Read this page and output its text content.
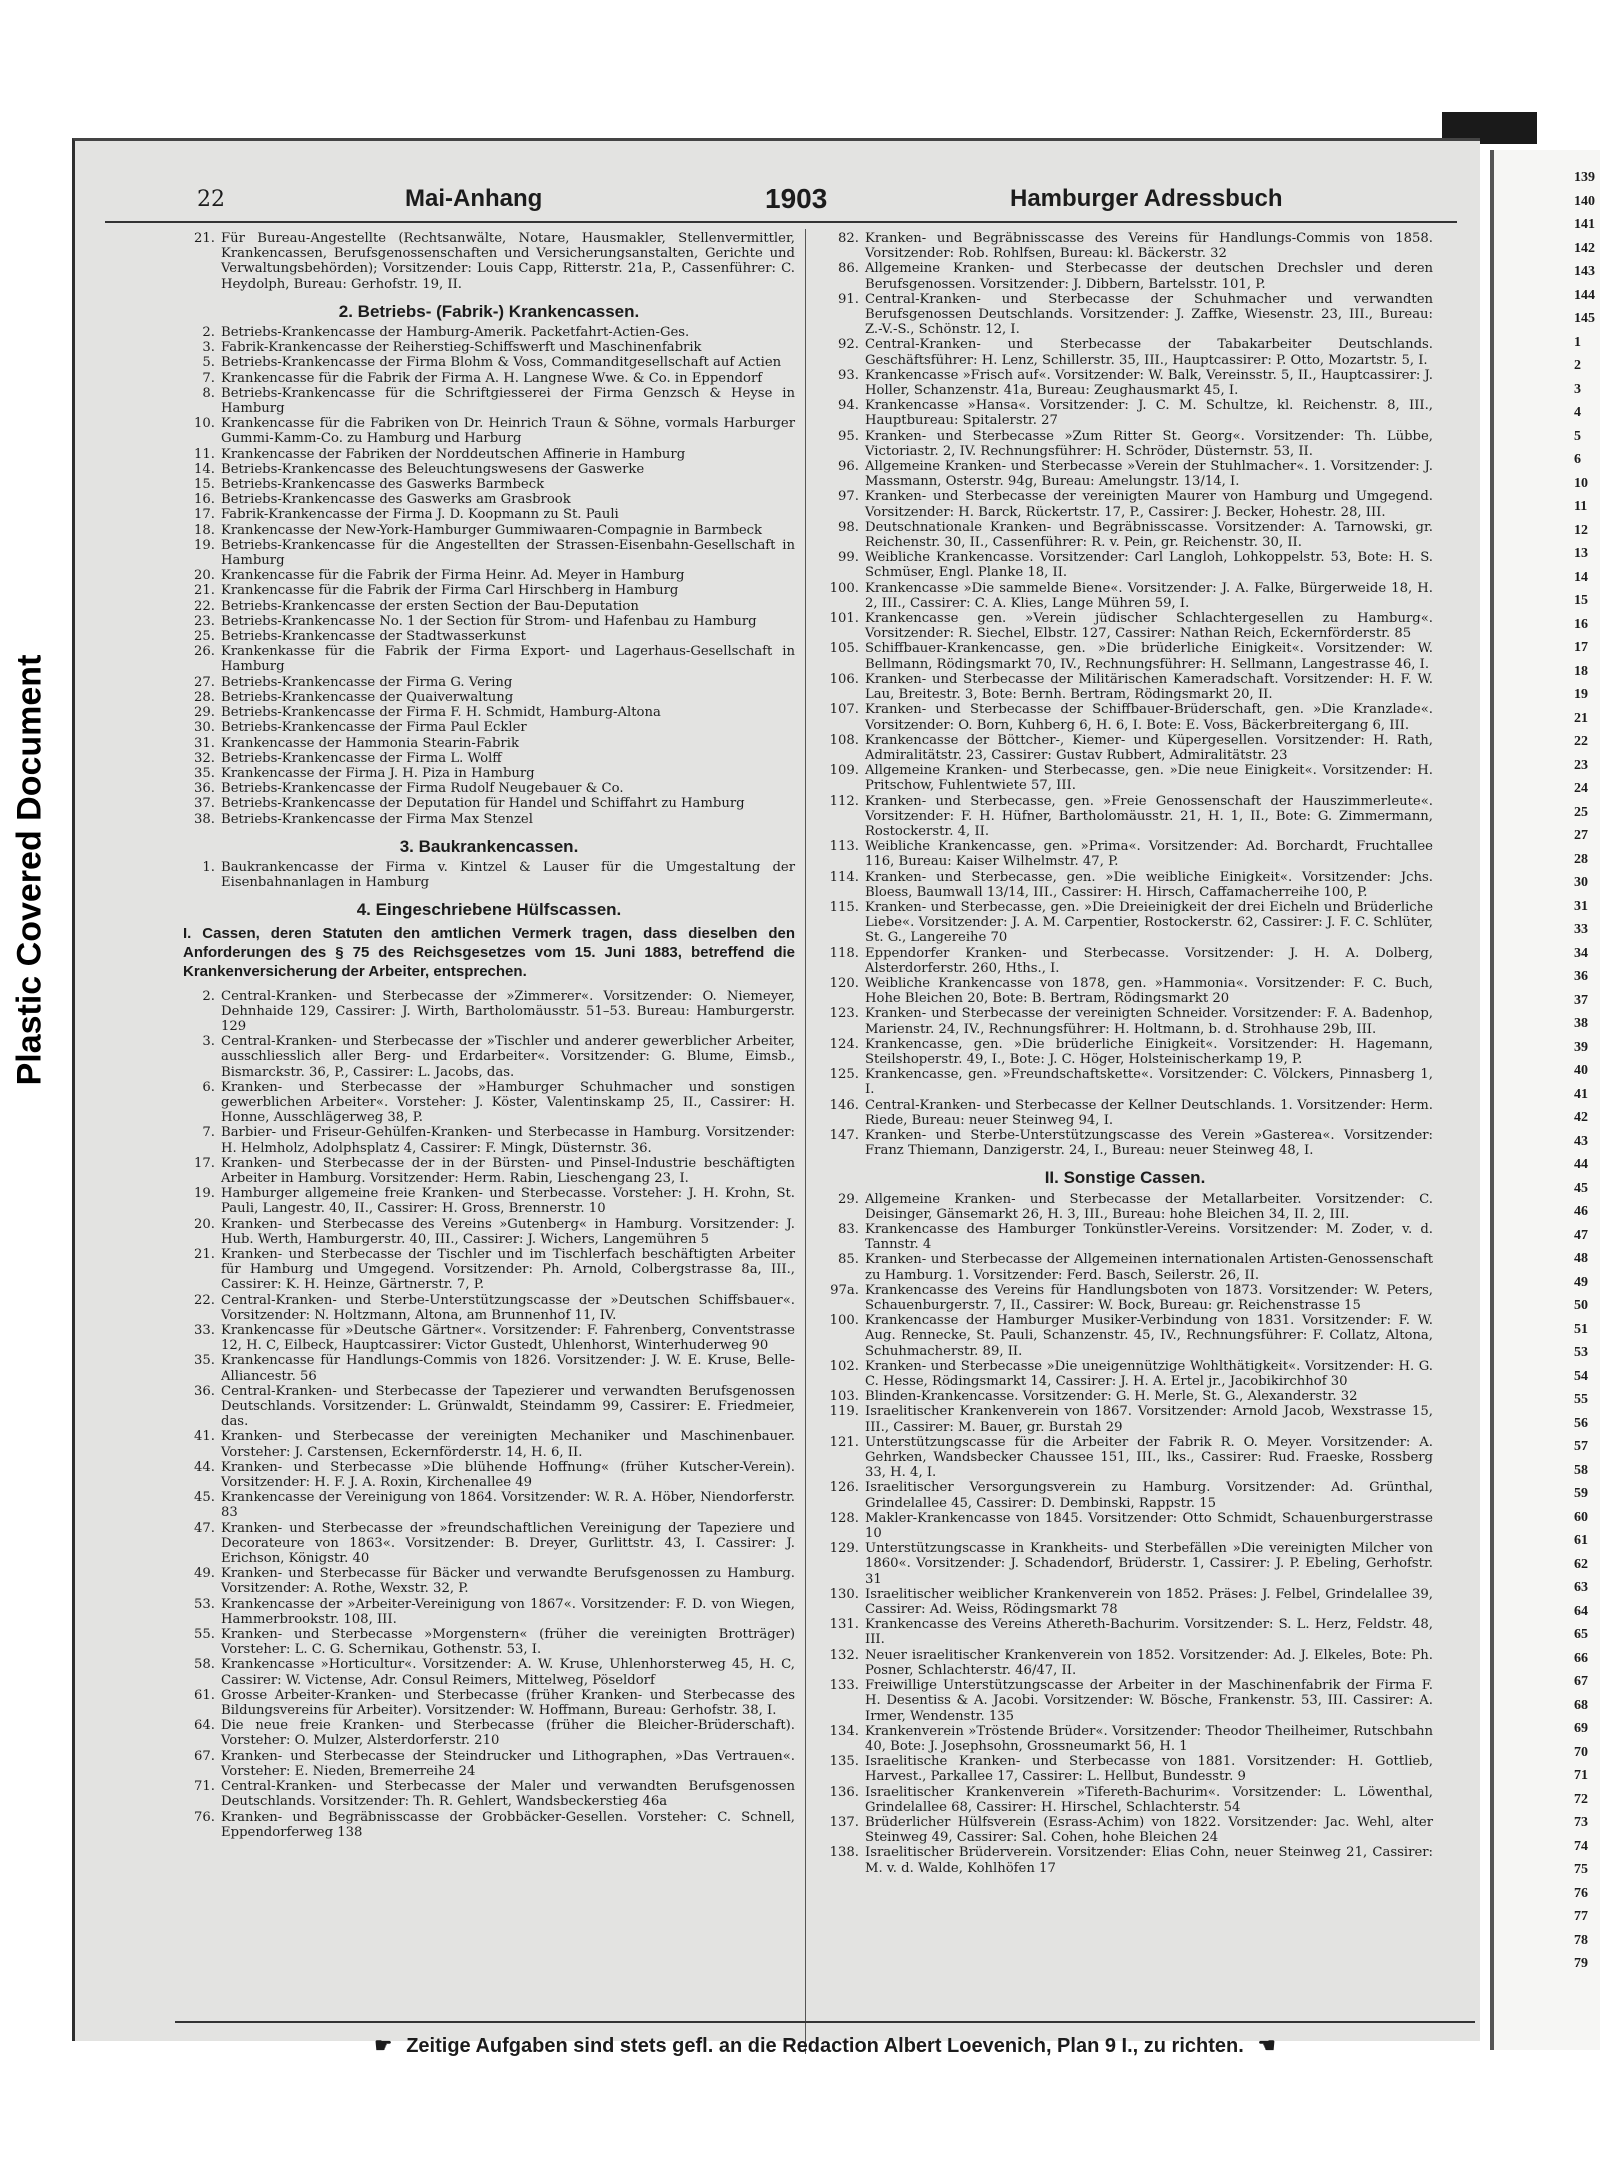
Plastic Covered Document
139
140
141
142
143
144
145
1
2
3
4
5
6
10
11
12
13
14
15
16
17
18
19
21
22
23
24
25
27
28
30
31
33
34
36
37
38
39
40
41
42
43
44
45
46
47
48
49
50
51
53
54
55
56
57
58
59
60
61
62
63
64
65
66
67
68
69
70
71
72
73
74
75
76
77
78
79
22	Mai-Anhang	1903	Hamburger Adressbuch
21. Für Bureau-Angestellte (Rechtsanwälte, Notare, Hausmakler, Stellenvermittler, Krankencassen, Berufsgenossenschaften und Versicherungsanstalten, Gerichte und Verwaltungsbehörden); Vorsitzender: Louis Capp, Ritterstr. 21a, P., Cassenführer: C. Heydolph, Bureau: Gerhofstr. 19, II.
2. Betriebs- (Fabrik-) Krankencassen.
2. Betriebs-Krankencasse der Hamburg-Amerik. Packetfahrt-Actien-Ges.
3. Fabrik-Krankencasse der Reiherstieg-Schiffswerft und Maschinenfabrik
5. Betriebs-Krankencasse der Firma Blohm & Voss, Commanditgesellschaft auf Actien
7. Krankencasse für die Fabrik der Firma A. H. Langnese Wwe. & Co. in Eppendorf
8. Betriebs-Krankencasse für die Schriftgiesserei der Firma Genzsch & Heyse in Hamburg
10. Krankencasse für die Fabriken von Dr. Heinrich Traun & Söhne, vormals Harburger Gummi-Kamm-Co. zu Hamburg und Harburg
11. Krankencasse der Fabriken der Norddeutschen Affinerie in Hamburg
14. Betriebs-Krankencasse des Beleuchtungswesens der Gaswerke
15. Betriebs-Krankencasse des Gaswerks Barmbeck
16. Betriebs-Krankencasse des Gaswerks am Grasbrook
17. Fabrik-Krankencasse der Firma J. D. Koopmann zu St. Pauli
18. Krankencasse der New-York-Hamburger Gummiwaaren-Compagnie in Barmbeck
19. Betriebs-Krankencasse für die Angestellten der Strassen-Eisenbahn-Gesellschaft in Hamburg
20. Krankencasse für die Fabrik der Firma Heinr. Ad. Meyer in Hamburg
21. Krankencasse für die Fabrik der Firma Carl Hirschberg in Hamburg
22. Betriebs-Krankencasse der ersten Section der Bau-Deputation
23. Betriebs-Krankencasse No. 1 der Section für Strom- und Hafenbau zu Hamburg
25. Betriebs-Krankencasse der Stadtwasserkunst
26. Krankenkasse für die Fabrik der Firma Export- und Lagerhaus-Gesellschaft in Hamburg
27. Betriebs-Krankencasse der Firma G. Vering
28. Betriebs-Krankencasse der Quaiverwaltung
29. Betriebs-Krankencasse der Firma F. H. Schmidt, Hamburg-Altona
30. Betriebs-Krankencasse der Firma Paul Eckler
31. Krankencasse der Hammonia Stearin-Fabrik
32. Betriebs-Krankencasse der Firma L. Wolff
35. Krankencasse der Firma J. H. Piza in Hamburg
36. Betriebs-Krankencasse der Firma Rudolf Neugebauer & Co.
37. Betriebs-Krankencasse der Deputation für Handel und Schiffahrt zu Hamburg
38. Betriebs-Krankencasse der Firma Max Stenzel
3. Baukrankencassen.
1. Baukrankencasse der Firma v. Kintzel & Lauser für die Umgestaltung der Eisenbahnanlagen in Hamburg
4. Eingeschriebene Hülfscassen.
I. Cassen, deren Statuten den amtlichen Vermerk tragen, dass dieselben den Anforderungen des § 75 des Reichsgesetzes vom 15. Juni 1883, betreffend die Krankenversicherung der Arbeiter, entsprechen.
2. Central-Kranken- und Sterbecasse der »Zimmerer«. Vorsitzender: O. Niemeyer, Dehnhaide 129, Cassirer: J. Wirth, Bartholomäusstr. 51–53. Bureau: Hamburgerstr. 129
3. Central-Kranken- und Sterbecasse der »Tischler und anderer gewerblicher Arbeiter, ausschliesslich aller Berg- und Erdarbeiter«. Vorsitzender: G. Blume, Eimsb., Bismarckstr. 36, P., Cassirer: L. Jacobs, das.
6. Kranken- und Sterbecasse der »Hamburger Schuhmacher und sonstigen gewerblichen Arbeiter«. Vorsteher: J. Köster, Valentinskamp 25, II., Cassirer: H. Honne, Ausschlägerweg 38, P.
7. Barbier- und Friseur-Gehülfen-Kranken- und Sterbecasse in Hamburg. Vorsitzender: H. Helmholz, Adolphsplatz 4, Cassirer: F. Mingk, Düsternstr. 36.
17. Kranken- und Sterbecasse der in der Bürsten- und Pinsel-Industrie beschäftigten Arbeiter in Hamburg. Vorsitzender: Herm. Rabin, Lieschengang 23, I.
19. Hamburger allgemeine freie Kranken- und Sterbecasse. Vorsteher: J. H. Krohn, St. Pauli, Langestr. 40, II., Cassirer: H. Gross, Brennerstr. 10
20. Kranken- und Sterbecasse des Vereins »Gutenberg« in Hamburg. Vorsitzender: J. Hub. Werth, Hamburgerstr. 40, III., Cassirer: J. Wichers, Langemühren 5
21. Kranken- und Sterbecasse der Tischler und im Tischlerfach beschäftigten Arbeiter für Hamburg und Umgegend. Vorsitzender: Ph. Arnold, Colbergstrasse 8a, III., Cassirer: K. H. Heinze, Gärtnerstr. 7, P.
22. Central-Kranken- und Sterbe-Unterstützungscasse der »Deutschen Schiffsbauer«. Vorsitzender: N. Holtzmann, Altona, am Brunnenhof 11, IV.
33. Krankencasse für »Deutsche Gärtner«. Vorsitzender: F. Fahrenberg, Conventstrasse 12, H. C, Eilbeck, Hauptcassirer: Victor Gustedt, Uhlenhorst, Winterhuderweg 90
35. Krankencasse für Handlungs-Commis von 1826. Vorsitzender: J. W. E. Kruse, Belle-Alliancestr. 56
36. Central-Kranken- und Sterbecasse der Tapezierer und verwandten Berufsgenossen Deutschlands. Vorsitzender: L. Grünwaldt, Steindamm 99, Cassirer: E. Friedmeier, das.
41. Kranken- und Sterbecasse der vereinigten Mechaniker und Maschinenbauer. Vorsteher: J. Carstensen, Eckernförderstr. 14, H. 6, II.
44. Kranken- und Sterbecasse »Die blühende Hoffnung« (früher Kutscher-Verein). Vorsitzender: H. F. J. A. Roxin, Kirchenallee 49
45. Krankencasse der Vereinigung von 1864. Vorsitzender: W. R. A. Höber, Niendorferstr. 83
47. Kranken- und Sterbecasse der »freundschaftlichen Vereinigung der Tapeziere und Decorateure von 1863«. Vorsitzender: B. Dreyer, Gurlittstr. 43, I. Cassirer: J. Erichson, Königstr. 40
49. Kranken- und Sterbecasse für Bäcker und verwandte Berufsgenossen zu Hamburg. Vorsitzender: A. Rothe, Wexstr. 32, P.
53. Krankencasse der »Arbeiter-Vereinigung von 1867«. Vorsitzender: F. D. von Wiegen, Hammerbrookstr. 108, III.
55. Kranken- und Sterbecasse »Morgenstern« (früher die vereinigten Brotträger) Vorsteher: L. C. G. Schernikau, Gothenstr. 53, I.
58. Krankencasse »Horticultur«. Vorsitzender: A. W. Kruse, Uhlenhorsterweg 45, H. C, Cassirer: W. Victense, Adr. Consul Reimers, Mittelweg, Pöseldorf
61. Grosse Arbeiter-Kranken- und Sterbecasse (früher Kranken- und Sterbecasse des Bildungsvereins für Arbeiter). Vorsitzender: W. Hoffmann, Bureau: Gerhofstr. 38, I.
64. Die neue freie Kranken- und Sterbecasse (früher die Bleicher-Brüderschaft). Vorsteher: O. Mulzer, Alsterdorferstr. 210
67. Kranken- und Sterbecasse der Steindrucker und Lithographen, »Das Vertrauen«. Vorsteher: E. Nieden, Bremerreihe 24
71. Central-Kranken- und Sterbecasse der Maler und verwandten Berufsgenossen Deutschlands. Vorsitzender: Th. R. Gehlert, Wandsbeckerstieg 46a
76. Kranken- und Begräbnisscasse der Grobbäcker-Gesellen. Vorsteher: C. Schnell, Eppendorferweg 138
82. Kranken- und Begräbnisscasse des Vereins für Handlungs-Commis von 1858. Vorsitzender: Rob. Rohlfsen, Bureau: kl. Bäckerstr. 32
86. Allgemeine Kranken- und Sterbecasse der deutschen Drechsler und deren Berufsgenossen. Vorsitzender: J. Dibbern, Bartelsstr. 101, P.
91. Central-Kranken- und Sterbecasse der Schuhmacher und verwandten Berufsgenossen Deutschlands. Vorsitzender: J. Zaffke, Wiesenstr. 23, III., Bureau: Z.-V.-S., Schönstr. 12, I.
92. Central-Kranken- und Sterbecasse der Tabakarbeiter Deutschlands. Geschäftsführer: H. Lenz, Schillerstr. 35, III., Hauptcassirer: P. Otto, Mozartstr. 5, I.
93. Krankencasse »Frisch auf«. Vorsitzender: W. Balk, Vereinsstr. 5, II., Hauptcassirer: J. Holler, Schanzenstr. 41a, Bureau: Zeughausmarkt 45, I.
94. Krankencasse »Hansa«. Vorsitzender: J. C. M. Schultze, kl. Reichenstr. 8, III., Hauptbureau: Spitalerstr. 27
95. Kranken- und Sterbecasse »Zum Ritter St. Georg«. Vorsitzender: Th. Lübbe, Victoriastr. 2, IV. Rechnungsführer: H. Schröder, Düsternstr. 53, II.
96. Allgemeine Kranken- und Sterbecasse »Verein der Stuhlmacher«. 1. Vorsitzender: J. Massmann, Osterstr. 94g, Bureau: Amelungstr. 13/14, I.
97. Kranken- und Sterbecasse der vereinigten Maurer von Hamburg und Umgegend. Vorsitzender: H. Barck, Rückertstr. 17, P., Cassirer: J. Becker, Hohestr. 28, III.
98. Deutschnationale Kranken- und Begräbnisscasse. Vorsitzender: A. Tarnowski, gr. Reichenstr. 30, II., Cassenführer: R. v. Pein, gr. Reichenstr. 30, II.
99. Weibliche Krankencasse. Vorsitzender: Carl Langloh, Lohkoppelstr. 53, Bote: H. S. Schmüser, Engl. Planke 18, II.
100. Krankencasse »Die sammelde Biene«. Vorsitzender: J. A. Falke, Bürgerweide 18, H. 2, III., Cassirer: C. A. Klies, Lange Mühren 59, I.
101. Krankencasse gen. »Verein jüdischer Schlachtergesellen zu Hamburg«. Vorsitzender: R. Siechel, Elbstr. 127, Cassirer: Nathan Reich, Eckernförderstr. 85
105. Schiffbauer-Krankencasse, gen. »Die brüderliche Einigkeit«. Vorsitzender: W. Bellmann, Rödingsmarkt 70, IV., Rechnungsführer: H. Sellmann, Langestrasse 46, I.
106. Kranken- und Sterbecasse der Militärischen Kameradschaft. Vorsitzender: H. F. W. Lau, Breitestr. 3, Bote: Bernh. Bertram, Rödingsmarkt 20, II.
107. Kranken- und Sterbecasse der Schiffbauer-Brüderschaft, gen. »Die Kranzlade«. Vorsitzender: O. Born, Kuhberg 6, H. 6, I. Bote: E. Voss, Bäckerbreitergang 6, III.
108. Krankencasse der Böttcher-, Kiemer- und Küpergesellen. Vorsitzender: H. Rath, Admiralitätstr. 23, Cassirer: Gustav Rubbert, Admiralitätstr. 23
109. Allgemeine Kranken- und Sterbecasse, gen. »Die neue Einigkeit«. Vorsitzender: H. Pritschow, Fuhlentwiete 57, III.
112. Kranken- und Sterbecasse, gen. »Freie Genossenschaft der Hauszimmerleute«. Vorsitzender: F. H. Hüfner, Bartholomäusstr. 21, H. 1, II., Bote: G. Zimmermann, Rostockerstr. 4, II.
113. Weibliche Krankencasse, gen. »Prima«. Vorsitzender: Ad. Borchardt, Fruchtallee 116, Bureau: Kaiser Wilhelmstr. 47, P.
114. Kranken- und Sterbecasse, gen. »Die weibliche Einigkeit«. Vorsitzender: Jchs. Bloess, Baumwall 13/14, III., Cassirer: H. Hirsch, Caffamacherreihe 100, P.
115. Kranken- und Sterbecasse, gen. »Die Dreieinigkeit der drei Eicheln und Brüderliche Liebe«. Vorsitzender: J. A. M. Carpentier, Rostockerstr. 62, Cassirer: J. F. C. Schlüter, St. G., Langereihe 70
118. Eppendorfer Kranken- und Sterbecasse. Vorsitzender: J. H. A. Dolberg, Alsterdorferstr. 260, Hths., I.
120. Weibliche Krankencasse von 1878, gen. »Hammonia«. Vorsitzender: F. C. Buch, Hohe Bleichen 20, Bote: B. Bertram, Rödingsmarkt 20
123. Kranken- und Sterbecasse der vereinigten Schneider. Vorsitzender: F. A. Badenhop, Marienstr. 24, IV., Rechnungsführer: H. Holtmann, b. d. Strohhause 29b, III.
124. Krankencasse, gen. »Die brüderliche Einigkeit«. Vorsitzender: H. Hagemann, Steilshoperstr. 49, I., Bote: J. C. Höger, Holsteinischerkamp 19, P.
125. Krankencasse, gen. »Freundschaftskette«. Vorsitzender: C. Völckers, Pinnasberg 1, I.
146. Central-Kranken- und Sterbecasse der Kellner Deutschlands. 1. Vorsitzender: Herm. Riede, Bureau: neuer Steinweg 94, I.
147. Kranken- und Sterbe-Unterstützungscasse des Verein »Gasterea«. Vorsitzender: Franz Thiemann, Danzigerstr. 24, I., Bureau: neuer Steinweg 48, I.
II. Sonstige Cassen.
29. Allgemeine Kranken- und Sterbecasse der Metallarbeiter. Vorsitzender: C. Deisinger, Gänsemarkt 26, H. 3, III., Bureau: hohe Bleichen 34, II. 2, III.
83. Krankencasse des Hamburger Tonkünstler-Vereins. Vorsitzender: M. Zoder, v. d. Tannstr. 4
85. Kranken- und Sterbecasse der Allgemeinen internationalen Artisten-Genossenschaft zu Hamburg. 1. Vorsitzender: Ferd. Basch, Seilerstr. 26, II.
97a. Krankencasse des Vereins für Handlungsboten von 1873. Vorsitzender: W. Peters, Schauenburgerstr. 7, II., Cassirer: W. Bock, Bureau: gr. Reichenstrasse 15
100. Krankencasse der Hamburger Musiker-Verbindung von 1831. Vorsitzender: F. W. Aug. Renneckе, St. Pauli, Schanzenstr. 45, IV., Rechnungsführer: F. Collatz, Altona, Schuhmacherstr. 89, II.
102. Kranken- und Sterbecasse »Die uneigennützige Wohlthätigkeit«. Vorsitzender: H. G. C. Hesse, Rödingsmarkt 14, Cassirer: J. H. A. Ertel jr., Jacobikirchhof 30
103. Blinden-Krankencasse. Vorsitzender: G. H. Merle, St. G., Alexanderstr. 32
119. Israelitischer Krankenverein von 1867. Vorsitzender: Arnold Jacob, Wexstrasse 15, III., Cassirer: M. Bauer, gr. Burstah 29
121. Unterstützungscasse für die Arbeiter der Fabrik R. O. Meyer. Vorsitzender: A. Gehrken, Wandsbecker Chaussee 151, III., lks., Cassirer: Rud. Fraeske, Rossberg 33, H. 4, I.
126. Israelitischer Versorgungsverein zu Hamburg. Vorsitzender: Ad. Grünthal, Grindelallee 45, Cassirer: D. Dembinski, Rappstr. 15
128. Makler-Krankencasse von 1845. Vorsitzender: Otto Schmidt, Schauenburgerstrasse 10
129. Unterstützungscasse in Krankheits- und Sterbefällen »Die vereinigten Milcher von 1860«. Vorsitzender: J. Schadendorf, Brüderstr. 1, Cassirer: J. P. Ebeling, Gerhofstr. 31
130. Israelitischer weiblicher Krankenverein von 1852. Präses: J. Felbel, Grindelallee 39, Cassirer: Ad. Weiss, Rödingsmarkt 78
131. Krankencasse des Vereins Athereth-Bachurim. Vorsitzender: S. L. Herz, Feldstr. 48, III.
132. Neuer israelitischer Krankenverein von 1852. Vorsitzender: Ad. J. Elkeles, Bote: Ph. Posner, Schlachterstr. 46/47, II.
133. Freiwillige Unterstützungscasse der Arbeiter in der Maschinenfabrik der Firma F. H. Desentiss & A. Jacobi. Vorsitzender: W. Bösche, Frankenstr. 53, III. Cassirer: A. Irmer, Wendenstr. 135
134. Krankenverein »Tröstende Brüder«. Vorsitzender: Theodor Theilheimer, Rutschbahn 40, Bote: J. Josephsohn, Grossneumarkt 56, H. 1
135. Israelitische Kranken- und Sterbecasse von 1881. Vorsitzender: H. Gottlieb, Harvest., Parkallee 17, Cassirer: L. Hellbut, Bundesstr. 9
136. Israelitischer Krankenverein »Tifereth-Bachurim«. Vorsitzender: L. Löwenthal, Grindelallee 68, Cassirer: H. Hirschel, Schlachterstr. 54
137. Brüderlicher Hülfsverein (Esrass-Achim) von 1822. Vorsitzender: Jac. Wehl, alter Steinweg 49, Cassirer: Sal. Cohen, hohe Bleichen 24
138. Israelitischer Brüderverein. Vorsitzender: Elias Cohn, neuer Steinweg 21, Cassirer: M. v. d. Walde, Kohlhöfen 17
☛ Zeitige Aufgaben sind stets gefl. an die Redaction Albert Loevenich, Plan 9 I., zu richten. ☚
